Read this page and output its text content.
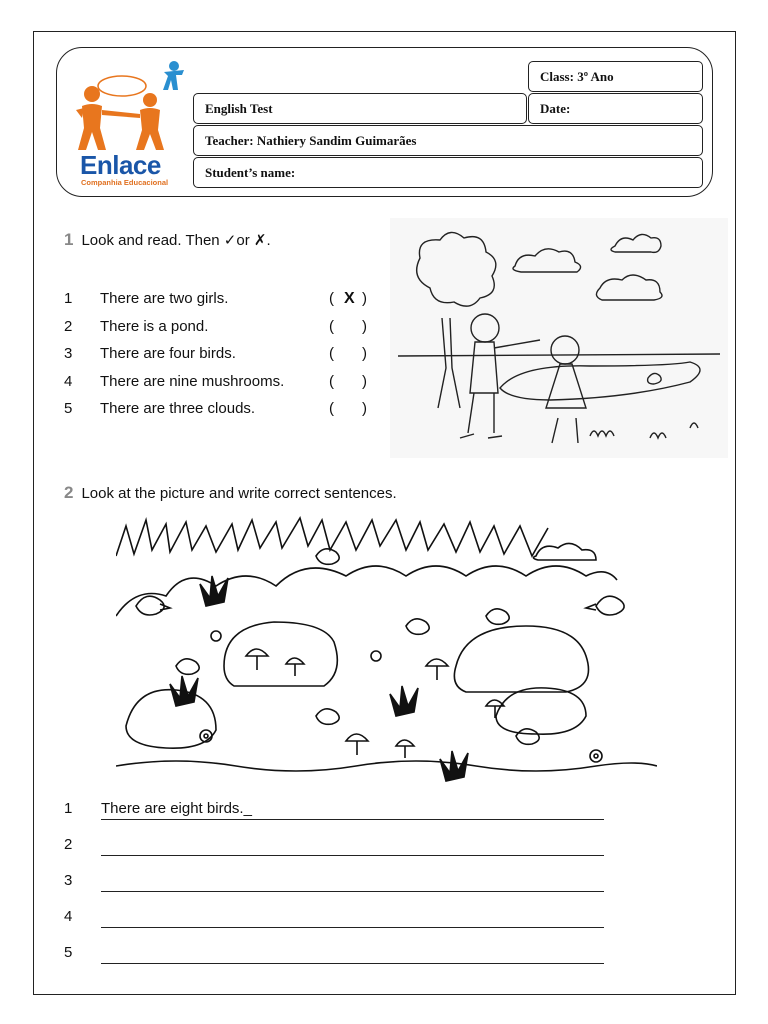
Enlace
Companhia Educacional
Class: 3º Ano
English Test	Date:
Teacher: Nathiery Sandim Guimarães
Student’s name:
1 Look and read. Then ✓or ✗.
1 There are two girls.	( X )
2 There is a pond.	( )
3 There are four birds.	( )
4 There are nine mushrooms.	( )
5 There are three clouds.	( )
2 Look at the picture and write correct sentences.
1 There are eight birds._
2
3
4
5
